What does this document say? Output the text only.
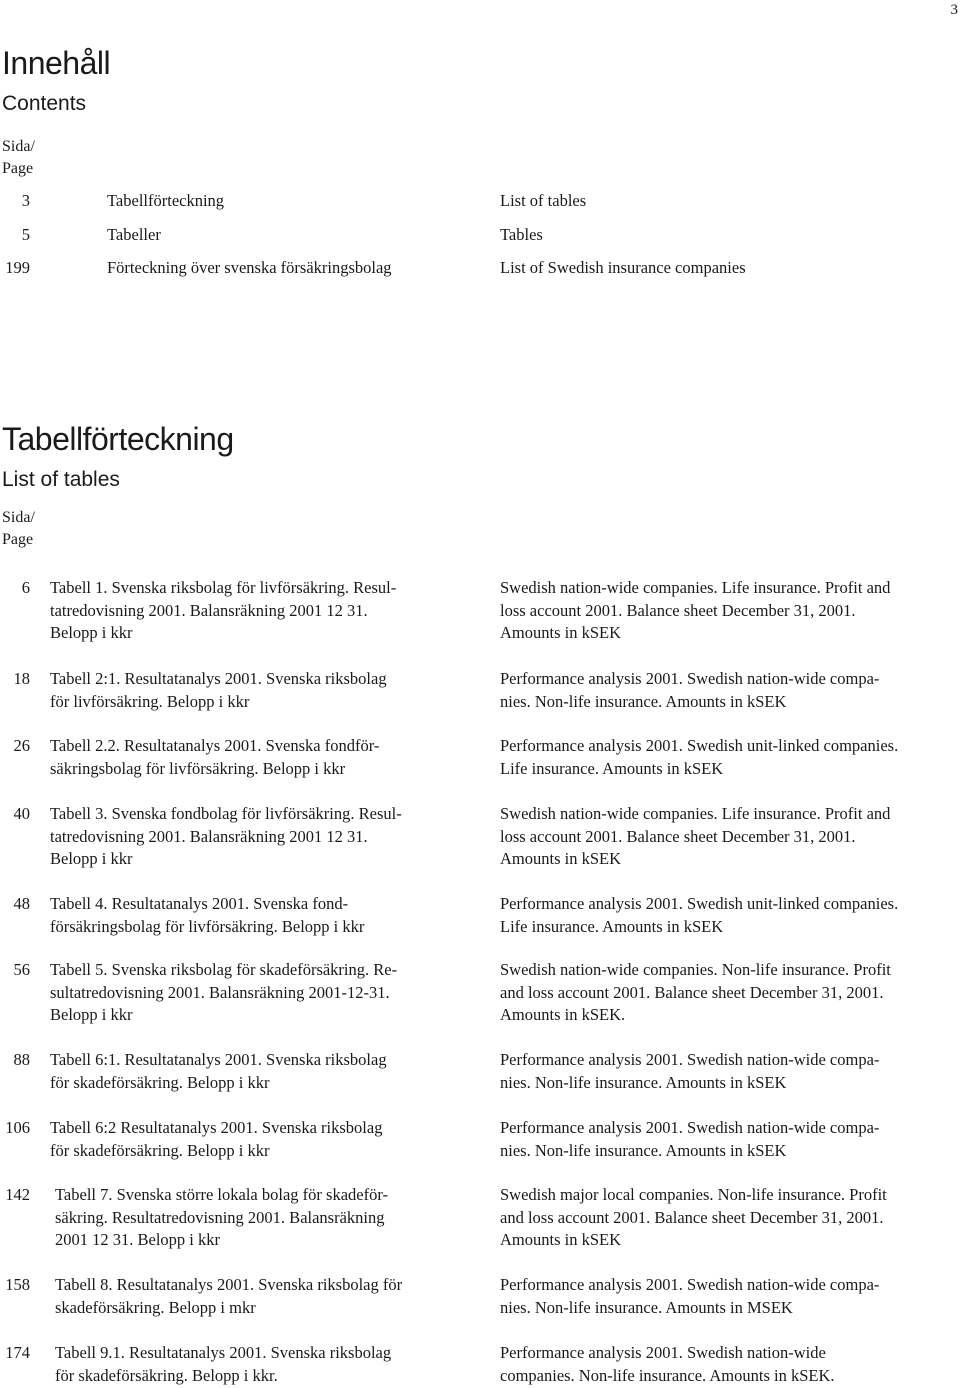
3
Innehåll
Contents
Sida/
Page
3	Tabellförteckning	List of tables
5	Tabeller	Tables
199	Förteckning över svenska försäkringsbolag	List of Swedish insurance companies
Tabellförteckning
List of tables
Sida/
Page
6 Tabell 1. Svenska riksbolag för livförsäkring. Resul-
tatredovisning 2001. Balansräkning 2001 12 31.
Belopp i kkr
Swedish nation-wide companies. Life insurance. Profit and
loss account 2001. Balance sheet December 31, 2001.
Amounts in kSEK
18 Tabell 2:1. Resultatanalys 2001. Svenska riksbolag
för livförsäkring. Belopp i kkr
Performance analysis 2001. Swedish nation-wide compa-
nies. Non-life insurance. Amounts in kSEK
26 Tabell 2.2. Resultatanalys 2001. Svenska fondför-
säkringsbolag för livförsäkring. Belopp i kkr
Performance analysis 2001. Swedish unit-linked companies.
Life insurance. Amounts in kSEK
40 Tabell 3. Svenska fondbolag för livförsäkring. Resul-
tatredovisning 2001. Balansräkning 2001 12 31.
Belopp i kkr
Swedish nation-wide companies. Life insurance. Profit and
loss account 2001. Balance sheet December 31, 2001.
Amounts in kSEK
48 Tabell 4. Resultatanalys 2001. Svenska fond-
försäkringsbolag för livförsäkring. Belopp i kkr
Performance analysis 2001. Swedish unit-linked companies.
Life insurance. Amounts in kSEK
56 Tabell 5. Svenska riksbolag för skadeförsäkring. Re-
sultatredovisning 2001. Balansräkning 2001-12-31.
Belopp i kkr
Swedish nation-wide companies. Non-life insurance. Profit
and loss account 2001. Balance sheet December 31, 2001.
Amounts in kSEK.
88 Tabell 6:1. Resultatanalys 2001. Svenska riksbolag
för skadeförsäkring. Belopp i kkr
Performance analysis 2001. Swedish nation-wide compa-
nies. Non-life insurance. Amounts in kSEK
106 Tabell 6:2 Resultatanalys 2001. Svenska riksbolag
för skadeförsäkring. Belopp i kkr
Performance analysis 2001. Swedish nation-wide compa-
nies. Non-life insurance. Amounts in kSEK
142 Tabell 7. Svenska större lokala bolag för skadeför-
säkring. Resultatredovisning 2001. Balansräkning
2001 12 31. Belopp i kkr
Swedish major local companies. Non-life insurance. Profit
and loss account 2001. Balance sheet December 31, 2001.
Amounts in kSEK
158 Tabell 8. Resultatanalys 2001. Svenska riksbolag för
skadeförsäkring. Belopp i mkr
Performance analysis 2001. Swedish nation-wide compa-
nies. Non-life insurance. Amounts in MSEK
174 Tabell 9.1. Resultatanalys 2001. Svenska riksbolag
för skadeförsäkring. Belopp i kkr.
Performance analysis 2001. Swedish nation-wide
companies. Non-life insurance. Amounts in kSEK.
